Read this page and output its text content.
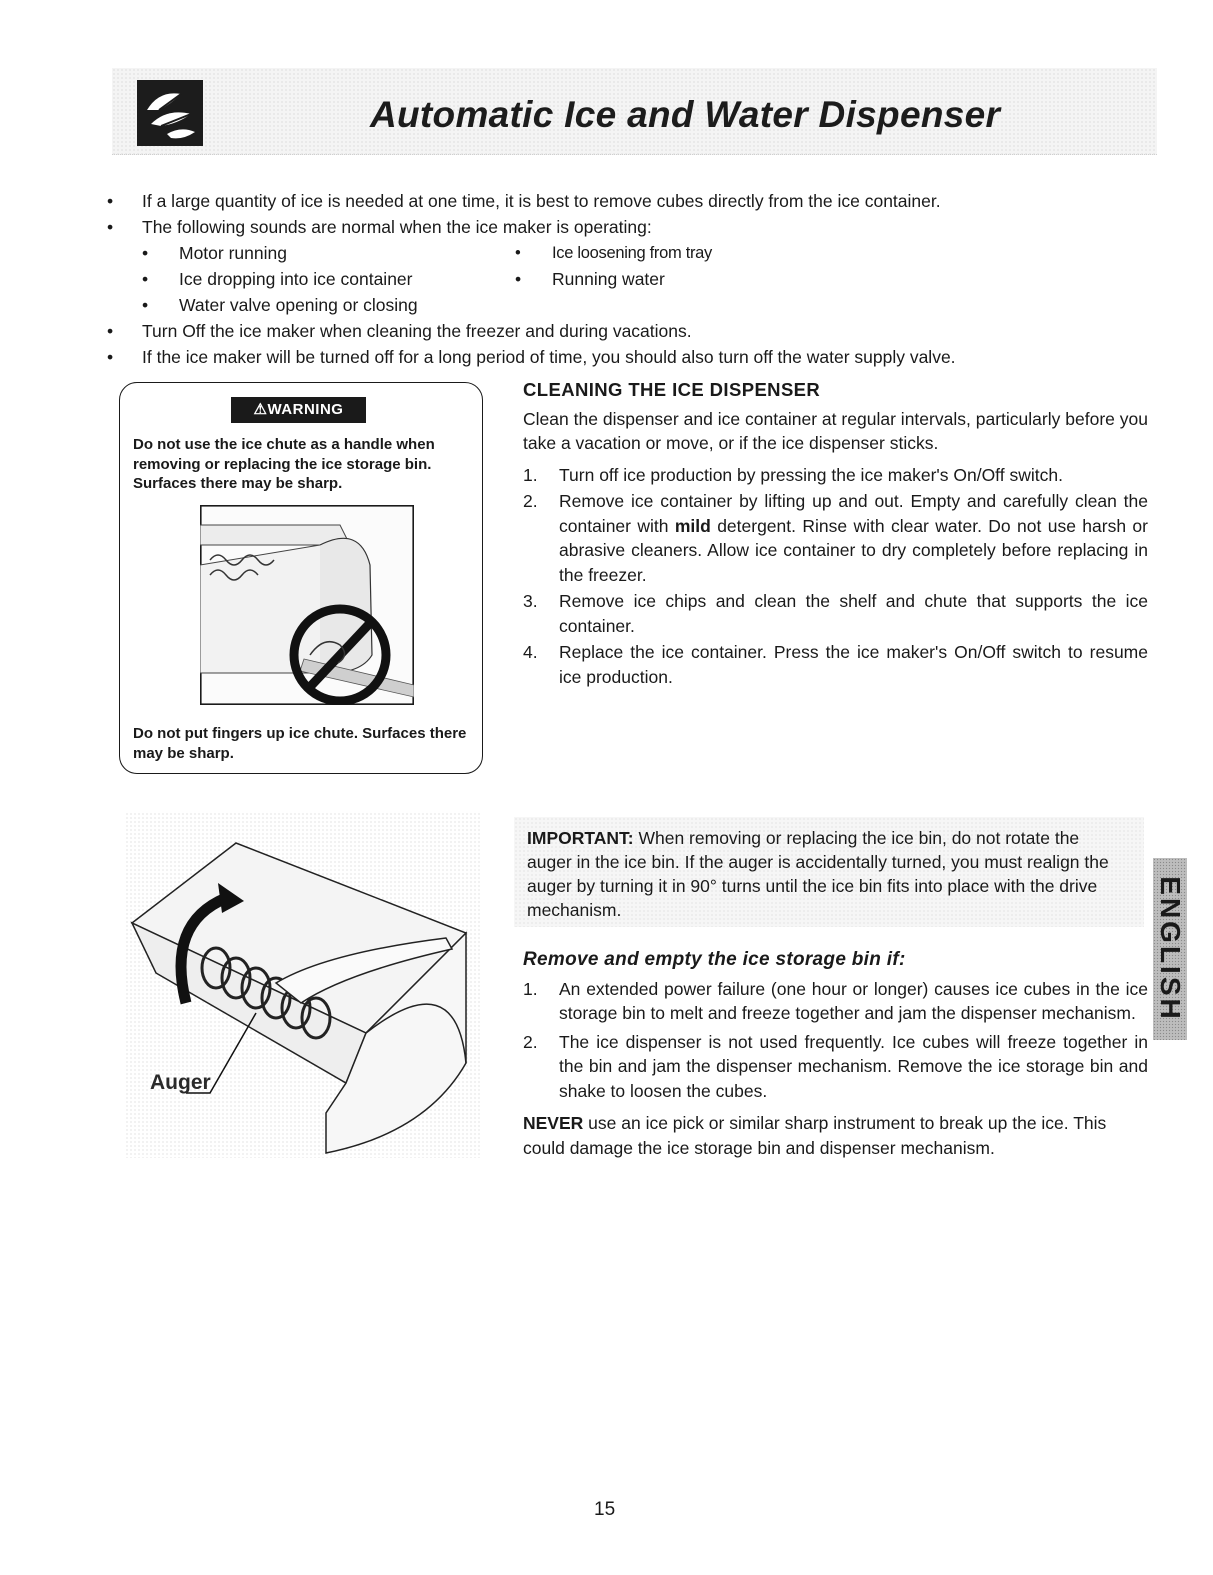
Automatic Ice and Water Dispenser
• If a large quantity of ice is needed at one time, it is best to remove cubes directly from the ice container.
• The following sounds are normal when the ice maker is operating:
• Motor running	• Ice loosening from tray
• Ice dropping into ice container	• Running water
• Water valve opening or closing
• Turn Off the ice maker when cleaning the freezer and during vacations.
• If the ice maker will be turned off for a long period of time, you should also turn off the water supply valve.
⚠WARNING
Do not use the ice chute as a handle when removing or replacing the ice storage bin. Surfaces there may be sharp.
Do not put fingers up ice chute. Surfaces there may be sharp.
CLEANING THE ICE DISPENSER

Clean the dispenser and ice container at regular intervals, particularly before you take a vacation or move, or if the ice dispenser sticks.

1. Turn off ice production by pressing the ice maker's On/Off switch.
2. Remove ice container by lifting up and out. Empty and carefully clean the container with mild detergent. Rinse with clear water. Do not use harsh or abrasive cleaners. Allow ice container to dry completely before replacing in the freezer.
3. Remove ice chips and clean the shelf and chute that supports the ice container.
4. Replace the ice container. Press the ice maker's On/Off switch to resume ice production.
Auger
IMPORTANT: When removing or replacing the ice bin, do not rotate the auger in the ice bin. If the auger is accidentally turned, you must realign the auger by turning it in 90° turns until the ice bin fits into place with the drive mechanism.
Remove and empty the ice storage bin if:
1. An extended power failure (one hour or longer) causes ice cubes in the ice storage bin to melt and freeze together and jam the dispenser mechanism.
2. The ice dispenser is not used frequently. Ice cubes will freeze together in the bin and jam the dispenser mechanism. Remove the ice storage bin and shake to loosen the cubes.

NEVER use an ice pick or similar sharp instrument to break up the ice. This could damage the ice storage bin and dispenser mechanism.

ENGLISH
15
